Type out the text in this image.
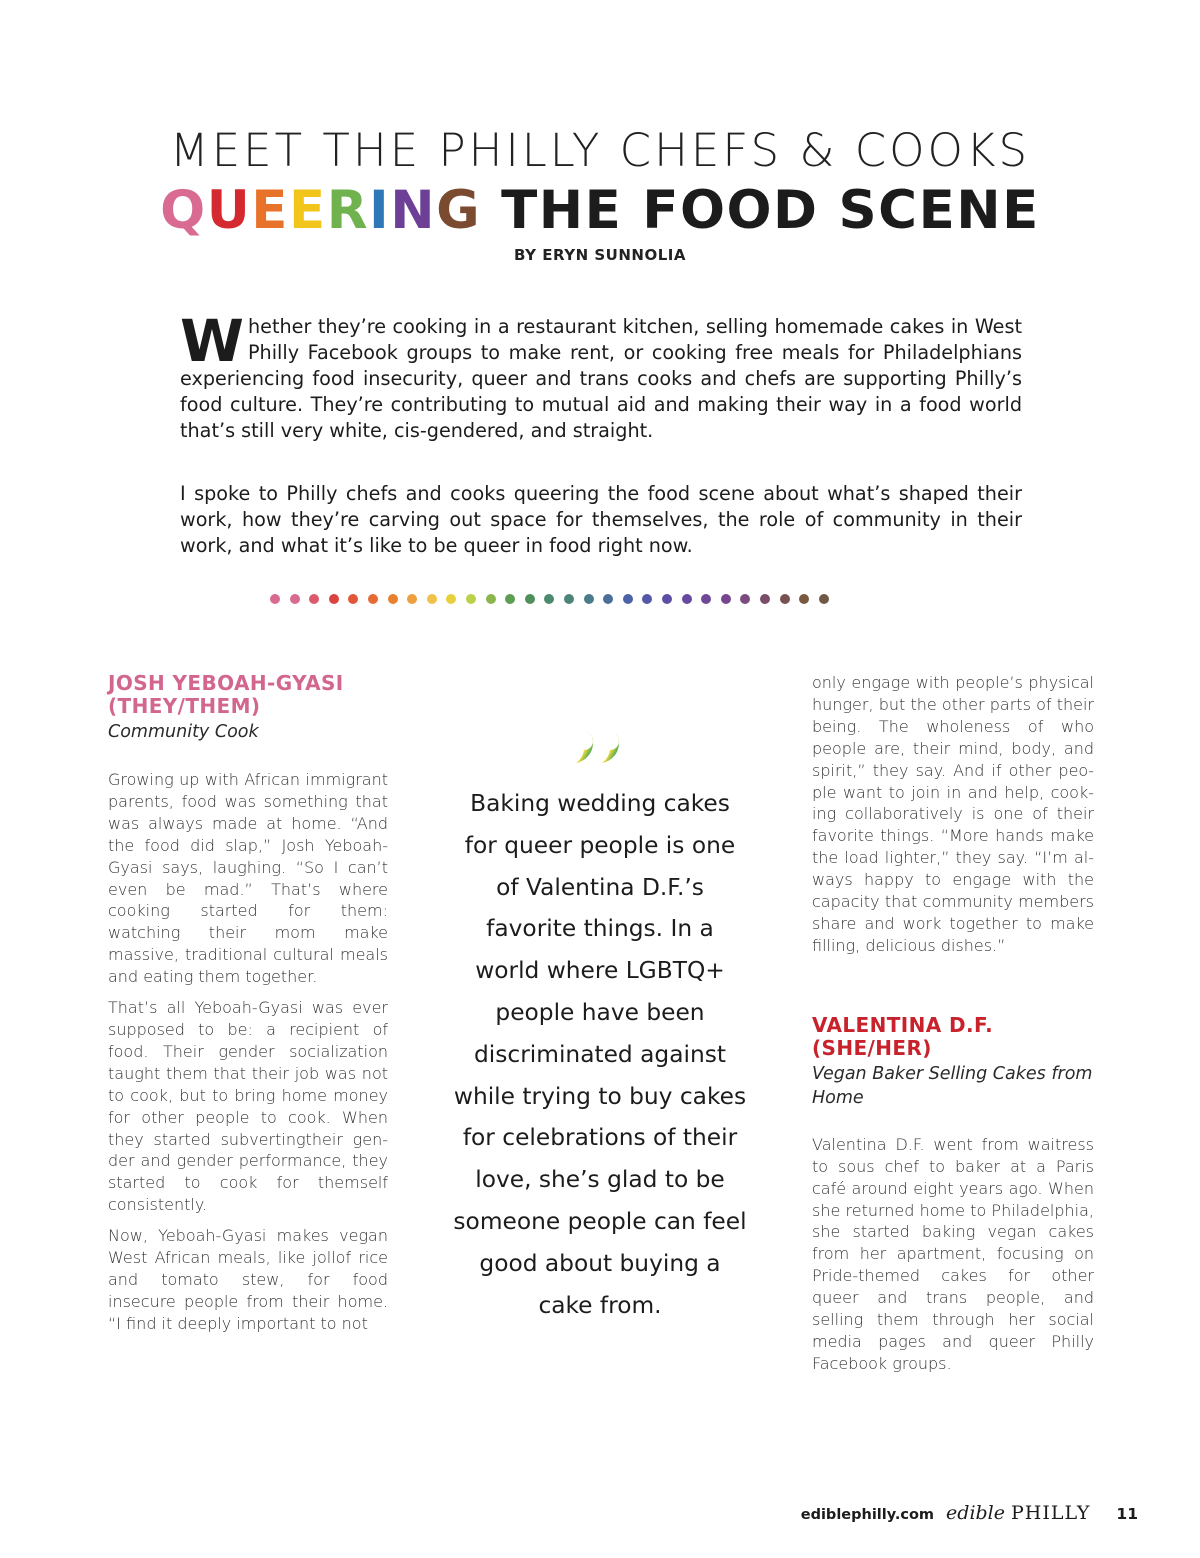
MEET THE PHILLY CHEFS & COOKS
QUEERING THE FOOD SCENE
BY ERYN SUNNOLIA

Whether they’re cooking in a restaurant kitchen, selling homemade cakes in West Philly Facebook groups to make rent, or cooking free meals for Philadelphians experiencing food insecurity, queer and trans cooks and chefs are supporting Philly’s food culture. They’re contributing to mutual aid and making their way in a food world that’s still very white, cis-gendered, and straight.

I spoke to Philly chefs and cooks queering the food scene about what’s shaped their work, how they’re carving out space for themselves, the role of community in their work, and what it’s like to be queer in food right now.

JOSH YEBOAH-GYASI (THEY/THEM)
Community Cook

Growing up with African immigrant parents, food was something that was always made at home. “And the food did slap,” Josh Yeboah-Gyasi says, laughing. “So I can’t even be mad.” That’s where cooking started for them: watching their mom make massive, traditional cultural meals and eating them together.

That’s all Yeboah-Gyasi was ever supposed to be: a recipient of food. Their gender socialization taught them that their job was not to cook, but to bring home money for other people to cook. When they started subvertingtheir gender and gender performance, they started to cook for themself consistently.

Now, Yeboah-Gyasi makes vegan West African meals, like jollof rice and tomato stew, for food insecure people from their home. “I find it deeply important to not

Baking wedding cakes for queer people is one of Valentina D.F.’s favorite things. In a world where LGBTQ+ people have been discriminated against while trying to buy cakes for celebrations of their love, she’s glad to be someone people can feel good about buying a cake from.
only engage with people’s physical hunger, but the other parts of their being. The wholeness of who people are, their mind, body, and spirit,” they say. And if other people want to join in and help, cooking collaboratively is one of their favorite things. “More hands make the load lighter,” they say. “I’m always happy to engage with the capacity that community members share and work together to make filling, delicious dishes.”
VALENTINA D.F. (SHE/HER)
Vegan Baker Selling Cakes from Home
Valentina D.F. went from waitress to sous chef to baker at a Paris café around eight years ago. When she returned home to Philadelphia, she started baking vegan cakes from her apartment, focusing on Pride-themed cakes for other queer and trans people, and selling them through her social media pages and queer Philly Facebook groups.
ediblephilly.com edible PHILLY 11
